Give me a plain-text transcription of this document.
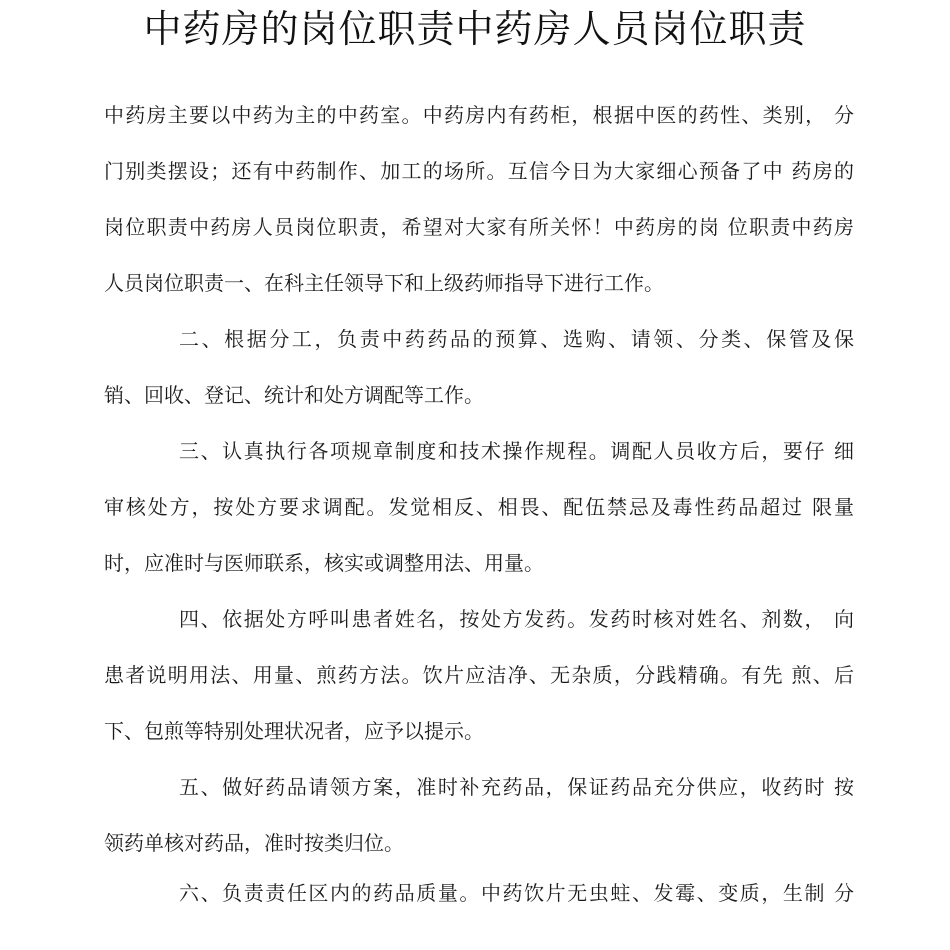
中药房的岗位职责中药房人员岗位职责
中药房主要以中药为主的中药室。中药房内有药柜，根据中医的药性、类别， 分
门别类摆设；还有中药制作、加工的场所。互信今日为大家细心预备了中 药房的
岗位职责中药房人员岗位职责，希望对大家有所关怀！中药房的岗 位职责中药房
人员岗位职责一、在科主任领导下和上级药师指导下进行工作。
二、根据分工，负责中药药品的预算、选购、请领、分类、保管及保
销、回收、登记、统计和处方调配等工作。
三、认真执行各项规章制度和技术操作规程。调配人员收方后，要仔 细
审核处方，按处方要求调配。发觉相反、相畏、配伍禁忌及毒性药品超过 限量
时，应准时与医师联系，核实或调整用法、用量。
四、依据处方呼叫患者姓名，按处方发药。发药时核对姓名、剂数， 向
患者说明用法、用量、煎药方法。饮片应洁净、无杂质，分践精确。有先 煎、后
下、包煎等特别处理状况者，应予以提示。
五、做好药品请领方案，准时补充药品，保证药品充分供应，收药时 按
领药单核对药品，准时按类归位。
六、负责责任区内的药品质量。中药饮片无虫蛀、发霉、变质，生制 分
